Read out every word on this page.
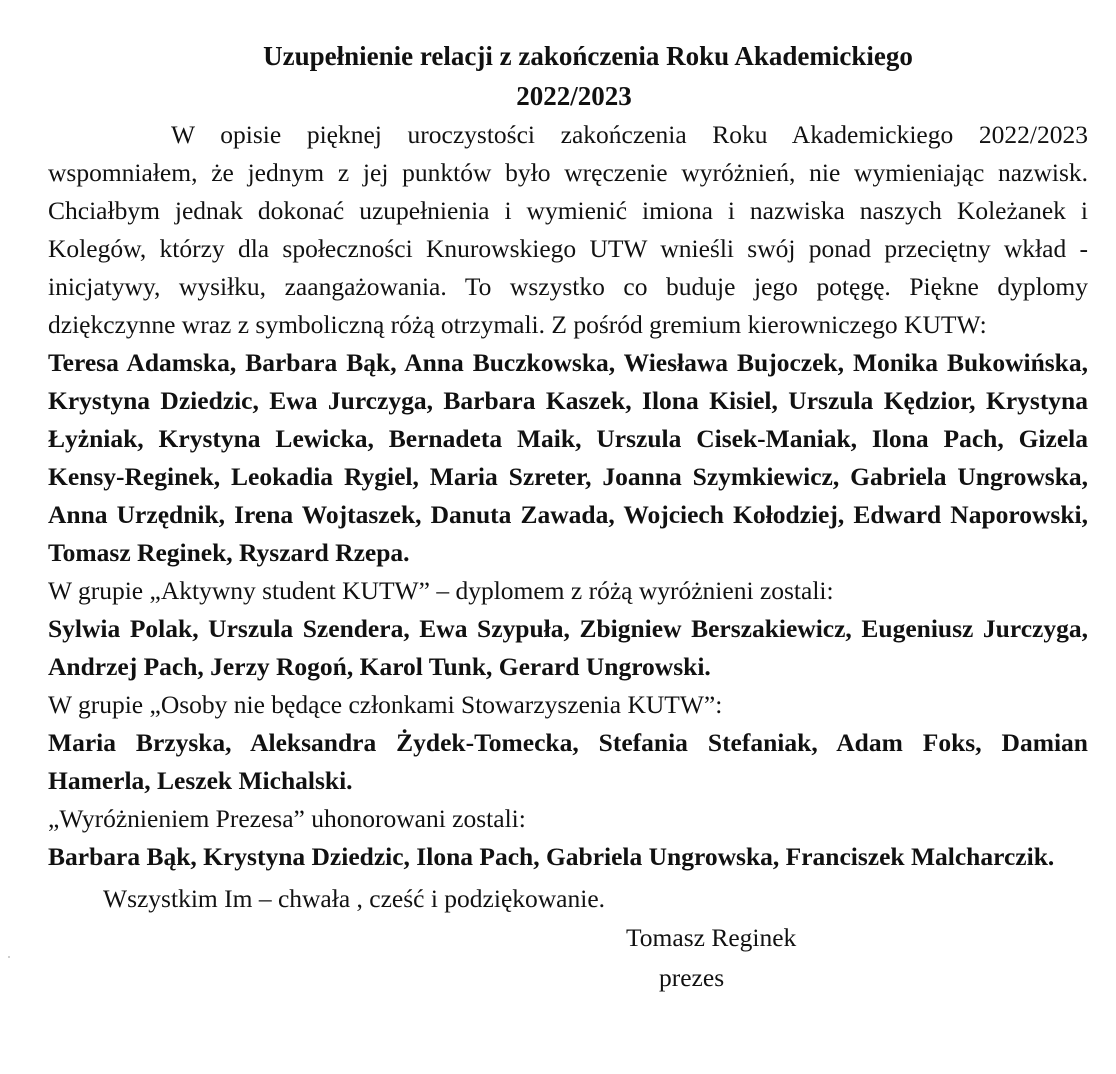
Uzupełnienie relacji z zakończenia Roku Akademickiego
2022/2023

W opisie pięknej uroczystości zakończenia Roku Akademickiego 2022/2023 wspomniałem, że jednym z jej punktów było wręczenie wyróżnień, nie wymieniając nazwisk. Chciałbym jednak dokonać uzupełnienia i wymienić imiona i nazwiska naszych Koleżanek i Kolegów, którzy dla społeczności Knurowskiego UTW wnieśli swój ponad przeciętny wkład - inicjatywy, wysiłku, zaangażowania. To wszystko co buduje jego potęgę. Piękne dyplomy dziękczynne wraz z symboliczną różą otrzymali. Z pośród gremium kierowniczego KUTW:

Teresa Adamska, Barbara Bąk, Anna Buczkowska, Wiesława Bujoczek, Monika Bukowińska, Krystyna Dziedzic, Ewa Jurczyga, Barbara Kaszek, Ilona Kisiel, Urszula Kędzior, Krystyna Łyżniak, Krystyna Lewicka, Bernadeta Maik, Urszula Cisek-Maniak, Ilona Pach, Gizela Kensy-Reginek, Leokadia Rygiel, Maria Szreter, Joanna Szymkiewicz, Gabriela Ungrowska, Anna Urzędnik, Irena Wojtaszek, Danuta Zawada, Wojciech Kołodziej, Edward Naporowski, Tomasz Reginek, Ryszard Rzepa.

W grupie „Aktywny student KUTW” – dyplomem z różą wyróżnieni zostali:

Sylwia Polak, Urszula Szendera, Ewa Szypuła, Zbigniew Berszakiewicz, Eugeniusz Jurczyga, Andrzej Pach, Jerzy Rogoń, Karol Tunk, Gerard Ungrowski.

W grupie „Osoby nie będące członkami Stowarzyszenia KUTW”:

Maria Brzyska, Aleksandra Żydek-Tomecka, Stefania Stefaniak, Adam Foks, Damian Hamerla, Leszek Michalski.

„Wyróżnieniem Prezesa” uhonorowani zostali:

Barbara Bąk, Krystyna Dziedzic, Ilona Pach, Gabriela Ungrowska, Franciszek Malcharczik.

Wszystkim Im – chwała , cześć i podziękowanie.

Tomasz Reginek
prezes
